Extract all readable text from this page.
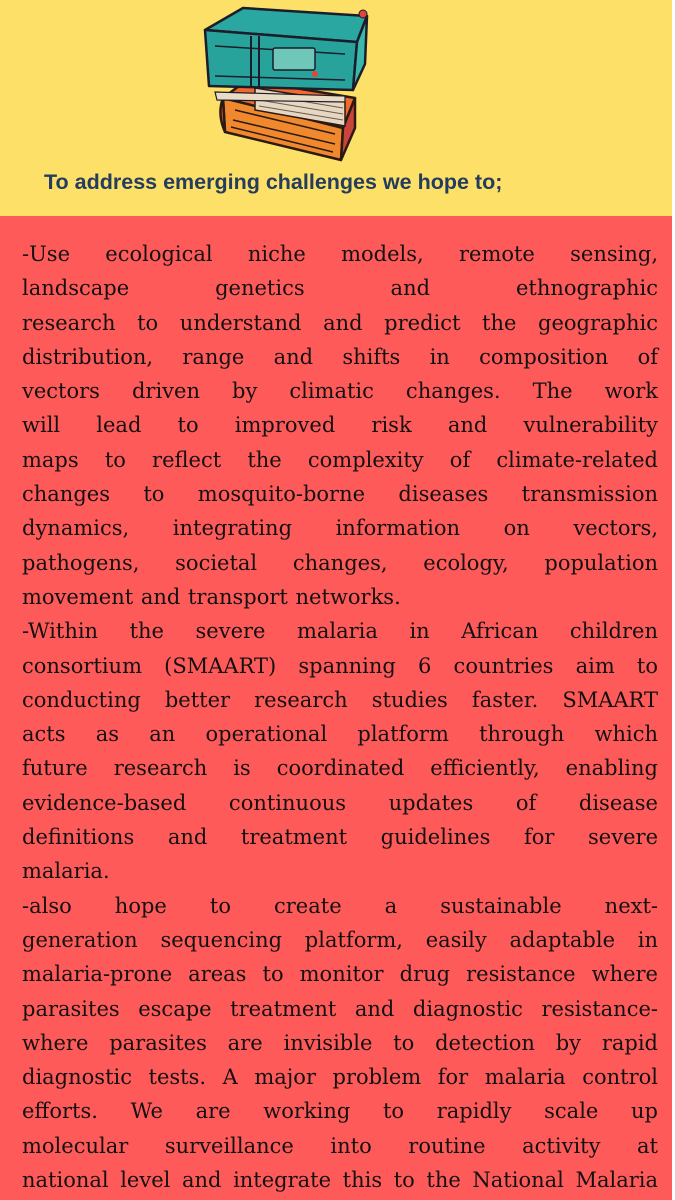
To address emerging challenges we hope to;

-Use ecological niche models, remote sensing,
landscape genetics and ethnographic
research to understand and predict the geographic
distribution, range and shifts in composition of
vectors driven by climatic changes. The work
will lead to improved risk and vulnerability
maps to reflect the complexity of climate-related
changes to mosquito-borne diseases transmission
dynamics, integrating information on vectors,
pathogens, societal changes, ecology, population
movement and transport networks.

-Within the severe malaria in African children
consortium (SMAART) spanning 6 countries aim to
conducting better research studies faster. SMAART
acts as an operational platform through which
future research is coordinated efficiently, enabling
evidence-based continuous updates of disease
definitions and treatment guidelines for severe
malaria.

-also hope to create a sustainable next-
generation sequencing platform, easily adaptable in
malaria-prone areas to monitor drug resistance where
parasites escape treatment and diagnostic resistance-
where parasites are invisible to detection by rapid
diagnostic tests. A major problem for malaria control
efforts. We are working to rapidly scale up
molecular surveillance into routine activity at
national level and integrate this to the National Malaria
